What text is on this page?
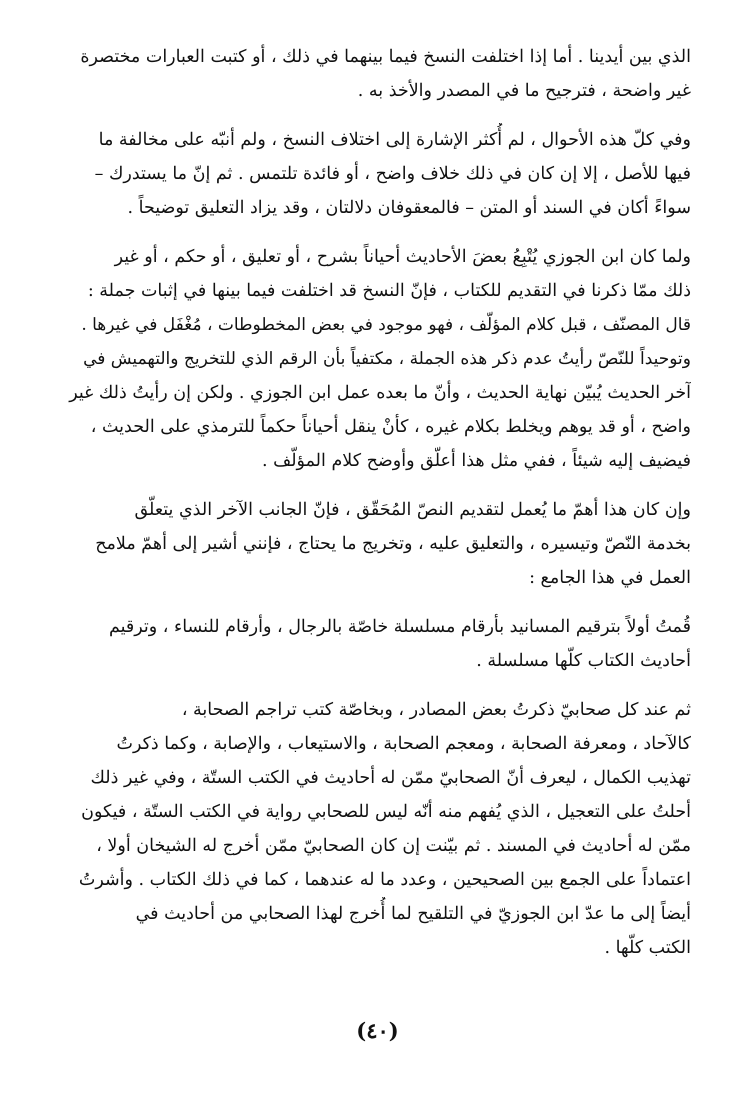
الذي بين أيدينا . أما إذا اختلفت النسخ فيما بينهما في ذلك ، أو كتبت العبارات مختصرة
غير واضحة ، فترجيح ما في المصدر والأخذ به .
وفي كلّ هذه الأحوال ، لم أُكثر الإشارة إلى اختلاف النسخ ، ولم أنبّه على مخالفة ما
فيها للأصل ، إلا إن كان في ذلك خلاف واضح ، أو فائدة تلتمس . ثم إنّ ما يستدرك –
سواءً أكان في السند أو المتن – فالمعقوفان دلالتان ، وقد يزاد التعليق توضيحاً .
ولما كان ابن الجوزي يُتْبِعُ بعضَ الأحاديث أحياناً بشرح ، أو تعليق ، أو حكم ، أو غير
ذلك ممّا ذكرنا في التقديم للكتاب ، فإنّ النسخ قد اختلفت فيما بينها في إثبات جملة :
قال المصنّف ، قبل كلام المؤلّف ، فهو موجود في بعض المخطوطات ، مُغْفَل في غيرها .
وتوحيداً للنّصّ رأيتُ عدم ذكر هذه الجملة ، مكتفياً بأن الرقم الذي للتخريج والتهميش في
آخر الحديث يُبيّن نهاية الحديث ، وأنّ ما بعده عمل ابن الجوزي . ولكن إن رأيتُ ذلك غير
واضح ، أو قد يوهم ويخلط بكلام غيره ، كأنْ ينقل أحياناً حكماً للترمذي على الحديث ،
فيضيف إليه شيئاً ، ففي مثل هذا أعلّق وأوضح كلام المؤلّف .
وإن كان هذا أهمّ ما يُعمل لتقديم النصّ المُحَقّق ، فإنّ الجانب الآخر الذي يتعلّق
بخدمة النّصّ وتيسيره ، والتعليق عليه ، وتخريج ما يحتاج ، فإنني أشير إلى أهمّ ملامح
العمل في هذا الجامع :
قُمتُ أولاً بترقيم المسانيد بأرقام مسلسلة خاصّة بالرجال ، وأرقام للنساء ، وترقيم
أحاديث الكتاب كلّها مسلسلة .
ثم عند كل صحابيّ ذكرتُ بعض المصادر ، وبخاصّة كتب تراجم الصحابة ،
كالآحاد ، ومعرفة الصحابة ، ومعجم الصحابة ، والاستيعاب ، والإصابة ، وكما ذكرتُ
تهذيب الكمال ، ليعرف أنّ الصحابيّ ممّن له أحاديث في الكتب الستّة ، وفي غير ذلك
أحلتُ على التعجيل ، الذي يُفهم منه أنّه ليس للصحابي رواية في الكتب الستّة ، فيكون
ممّن له أحاديث في المسند . ثم بيّنت إن كان الصحابيّ ممّن أخرج له الشيخان أولا ،
اعتماداً على الجمع بين الصحيحين ، وعدد ما له عندهما ، كما في ذلك الكتاب . وأشرتُ
أيضاً إلى ما عدّ ابن الجوزيّ في التلقيح لما أُخرج لهذا الصحابي من أحاديث في
الكتب كلّها .
(٤٠)
